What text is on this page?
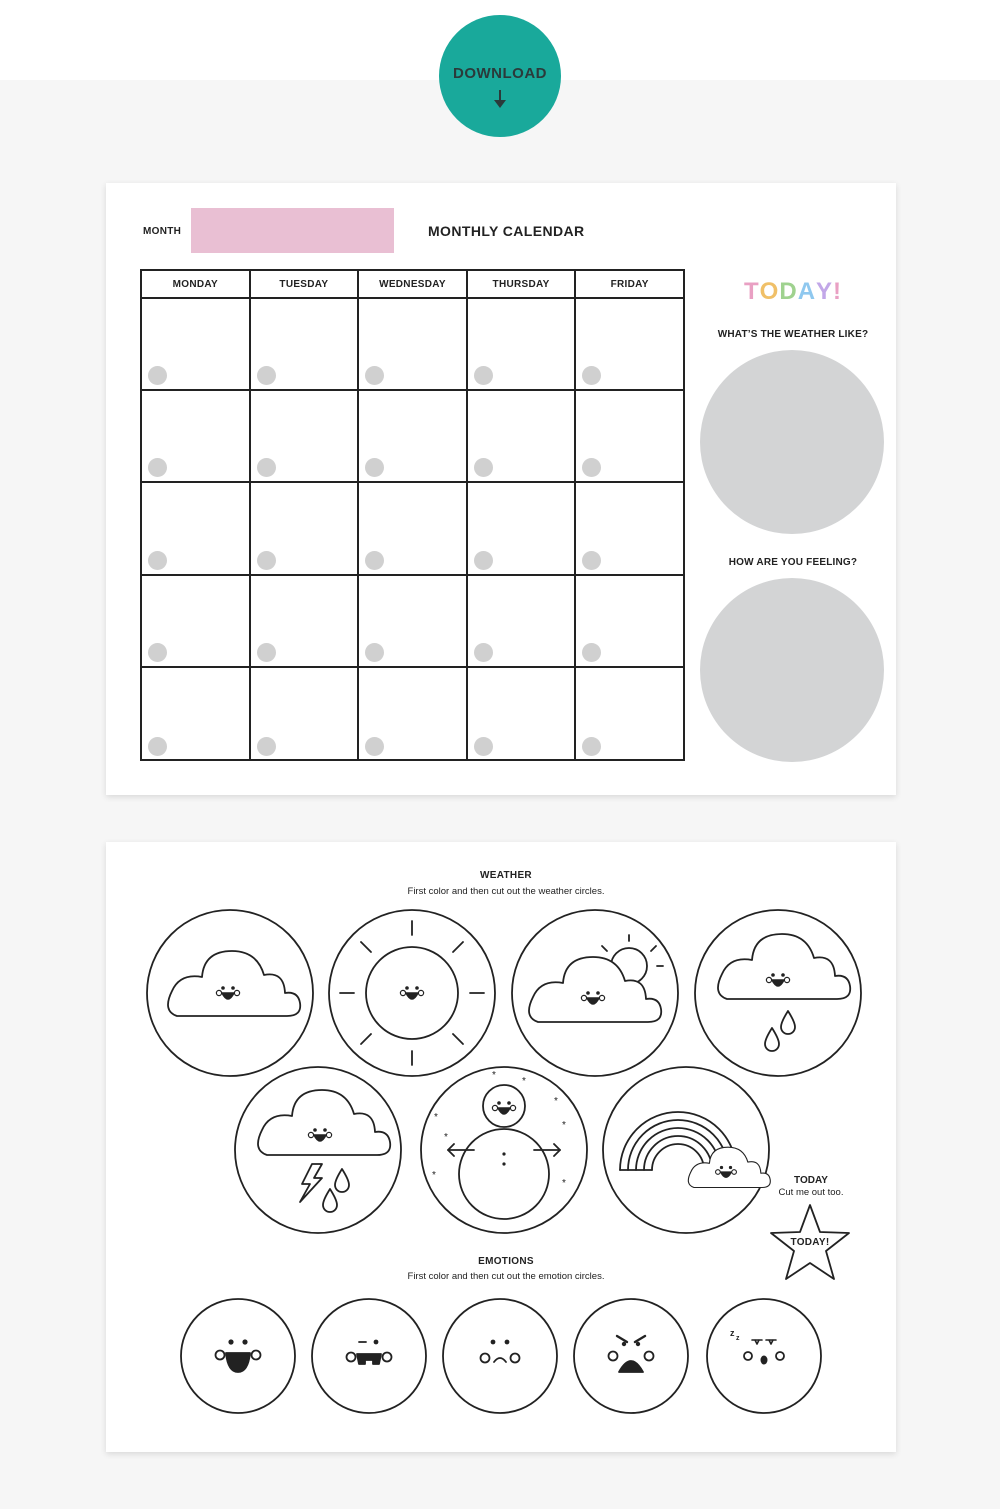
DOWNLOAD
MONTH	MONTHLY CALENDAR
MONDAY	TUESDAY	WEDNESDAY	THURSDAY	FRIDAY	TODAY!
WHAT’S THE WEATHER LIKE?
HOW ARE YOU FEELING?
WEATHER
First color and then cut out the weather circles.
*
*
*
*
*
*
*
*
z
z
TODAY
Cut me out too.
TODAY!
EMOTIONS
First color and then cut out the emotion circles.
